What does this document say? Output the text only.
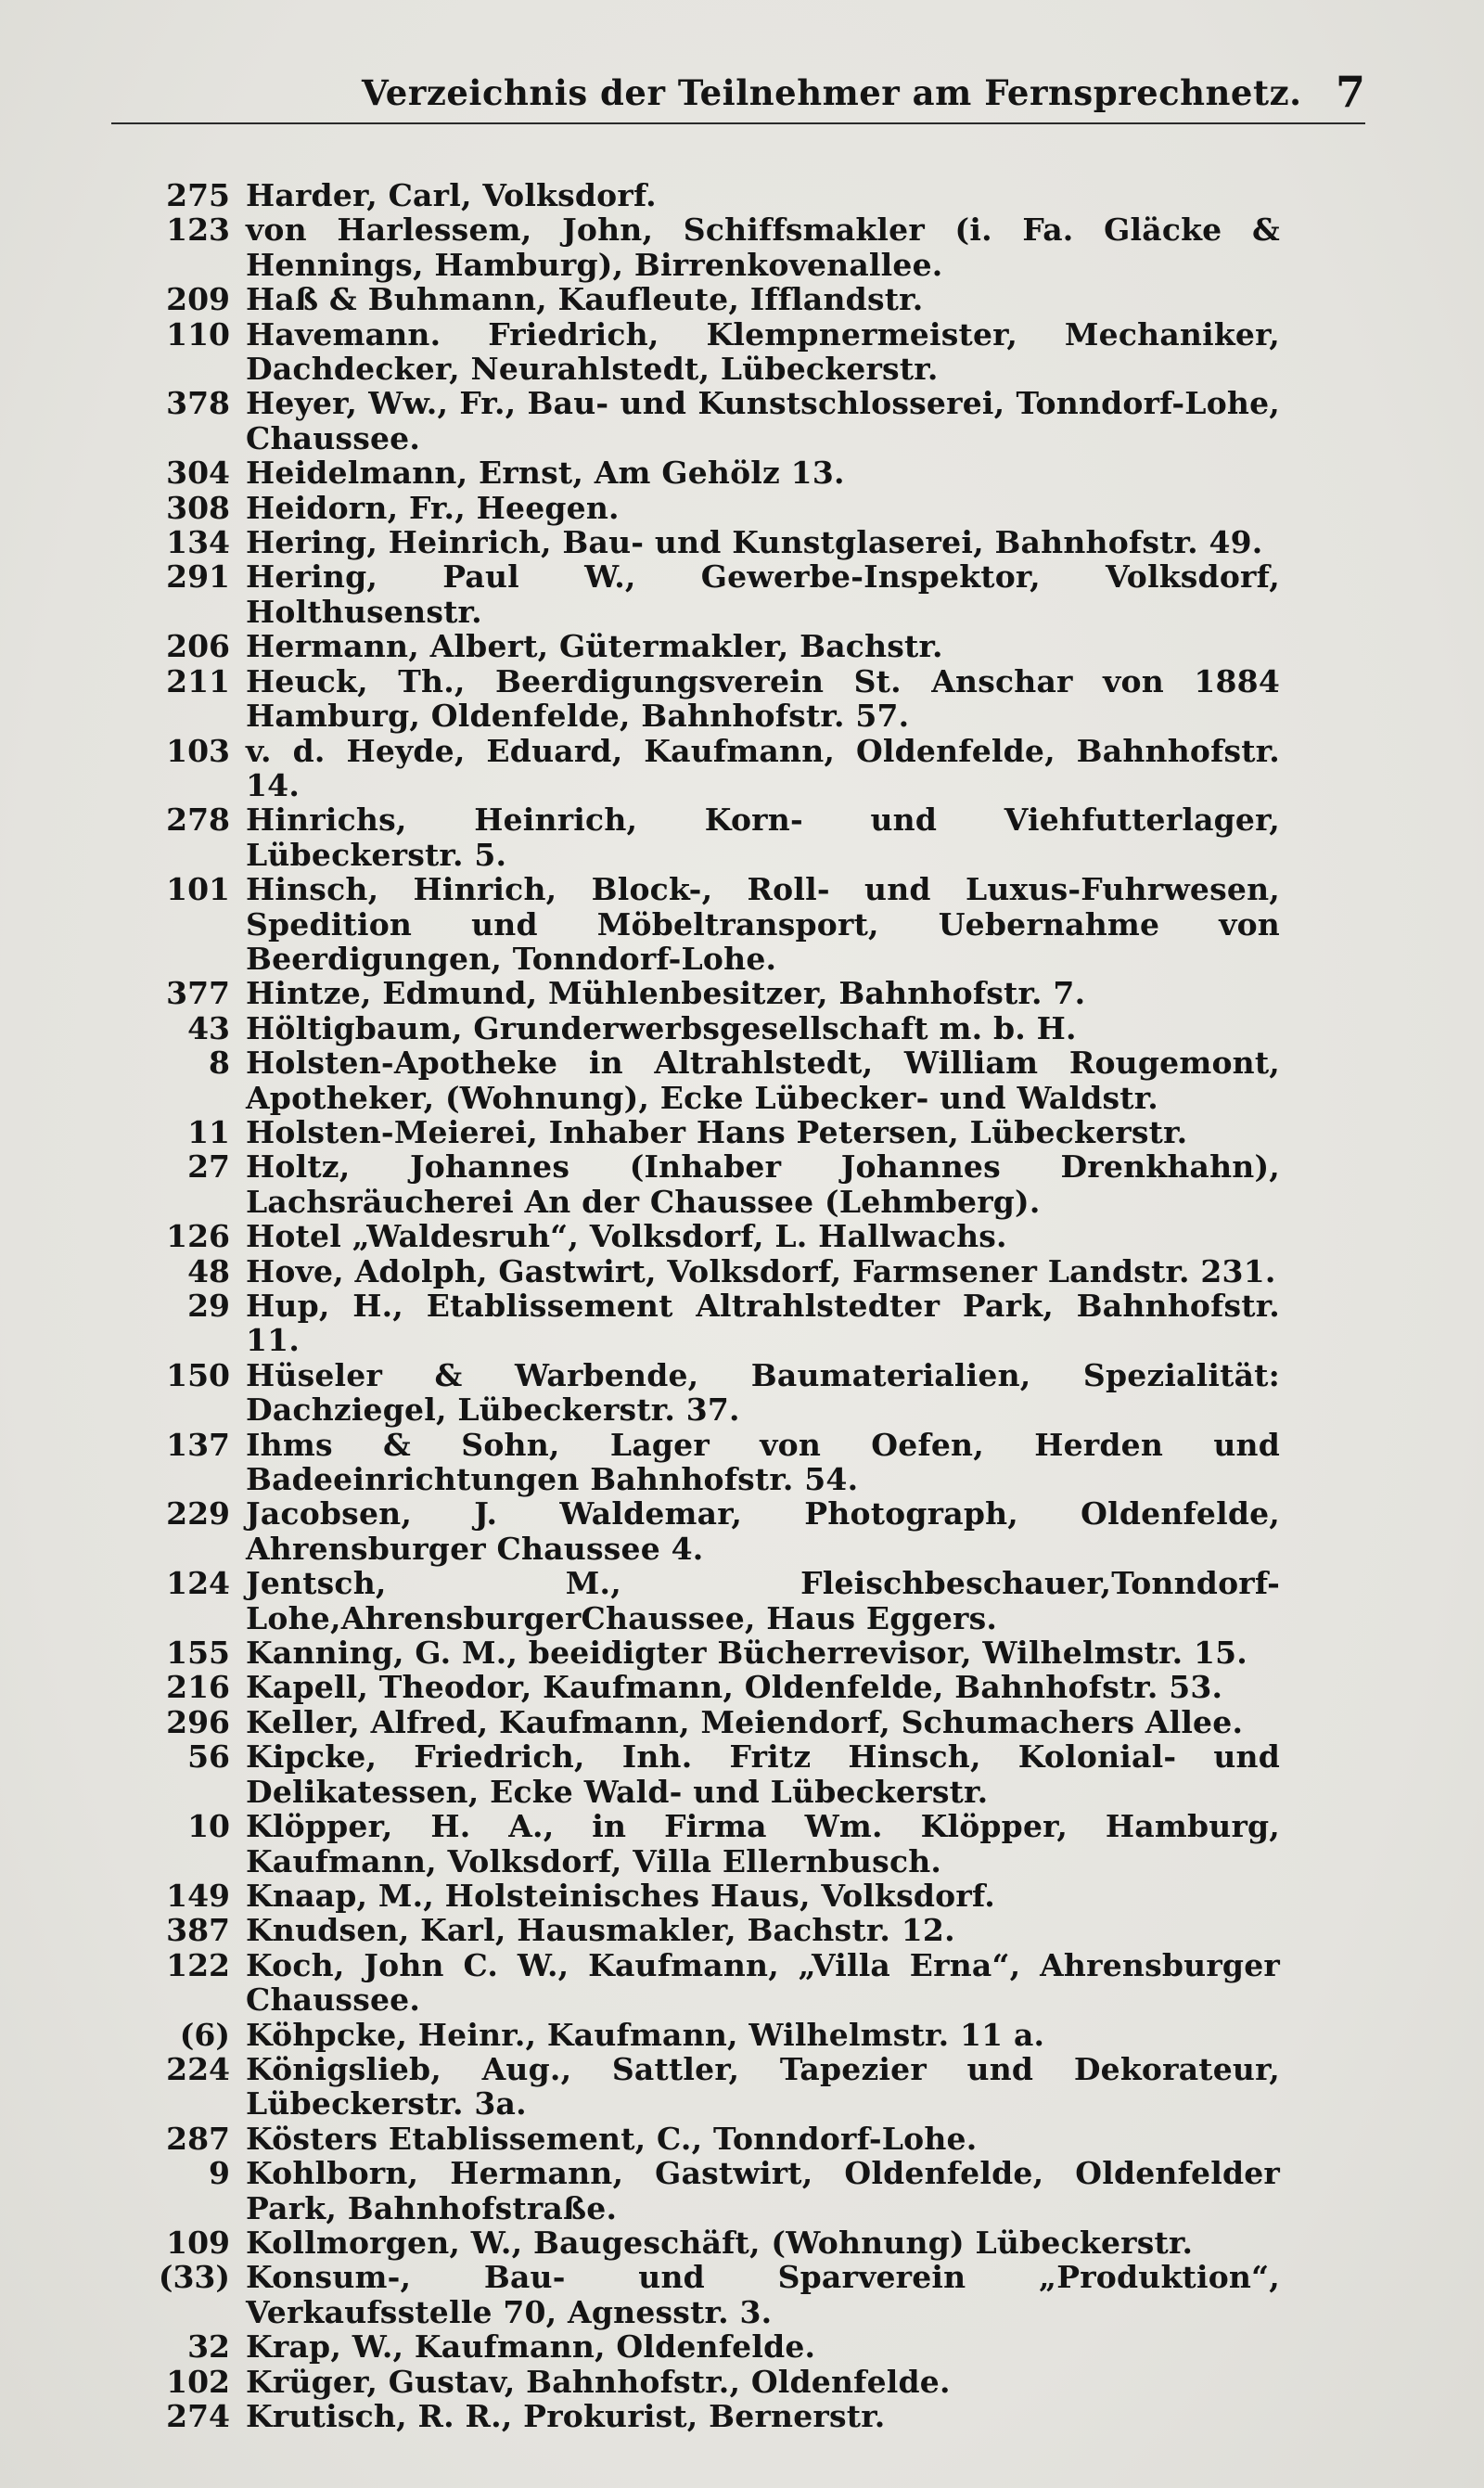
Verzeichnis der Teilnehmer am Fernsprechnetz. 7
275 Harder, Carl, Volksdorf.
123 von Harlessem, John, Schiffsmakler (i. Fa. Gläcke & Hennings, Hamburg), Birrenkovenallee.
209 Haß & Buhmann, Kaufleute, Ifflandstr.
110 Havemann. Friedrich, Klempnermeister, Mechaniker, Dachdecker, Neurahlstedt, Lübeckerstr.
378 Heyer, Ww., Fr., Bau- und Kunstschlosserei, Tonndorf-Lohe, Chaussee.
304 Heidelmann, Ernst, Am Gehölz 13.
308 Heidorn, Fr., Heegen.
134 Hering, Heinrich, Bau- und Kunstglaserei, Bahnhofstr. 49.
291 Hering, Paul W., Gewerbe-Inspektor, Volksdorf, Holthusenstr.
206 Hermann, Albert, Gütermakler, Bachstr.
211 Heuck, Th., Beerdigungsverein St. Anschar von 1884 Hamburg, Oldenfelde, Bahnhofstr. 57.
103 v. d. Heyde, Eduard, Kaufmann, Oldenfelde, Bahnhofstr. 14.
278 Hinrichs, Heinrich, Korn- und Viehfutterlager, Lübeckerstr. 5.
101 Hinsch, Hinrich, Block-, Roll- und Luxus-Fuhrwesen, Spedition und Möbeltransport, Uebernahme von Beerdigungen, Tonndorf-Lohe.
377 Hintze, Edmund, Mühlenbesitzer, Bahnhofstr. 7.
43 Höltigbaum, Grunderwerbsgesellschaft m. b. H.
8 Holsten-Apotheke in Altrahlstedt, William Rougemont, Apotheker, (Wohnung), Ecke Lübecker- und Waldstr.
11 Holsten-Meierei, Inhaber Hans Petersen, Lübeckerstr.
27 Holtz, Johannes (Inhaber Johannes Drenkhahn), Lachsräucherei An der Chaussee (Lehmberg).
126 Hotel „Waldesruh“, Volksdorf, L. Hallwachs.
48 Hove, Adolph, Gastwirt, Volksdorf, Farmsener Landstr. 231.
29 Hup, H., Etablissement Altrahlstedter Park, Bahnhofstr. 11.
150 Hüseler & Warbende, Baumaterialien, Spezialität: Dachziegel, Lübeckerstr. 37.
137 Ihms & Sohn, Lager von Oefen, Herden und Badeeinrichtungen Bahnhofstr. 54.
229 Jacobsen, J. Waldemar, Photograph, Oldenfelde, Ahrensburger Chaussee 4.
124 Jentsch, M., Fleischbeschauer,Tonndorf-Lohe,AhrensburgerChaussee, Haus Eggers.
155 Kanning, G. M., beeidigter Bücherrevisor, Wilhelmstr. 15.
216 Kapell, Theodor, Kaufmann, Oldenfelde, Bahnhofstr. 53.
296 Keller, Alfred, Kaufmann, Meiendorf, Schumachers Allee.
56 Kipcke, Friedrich, Inh. Fritz Hinsch, Kolonial- und Delikatessen, Ecke Wald- und Lübeckerstr.
10 Klöpper, H. A., in Firma Wm. Klöpper, Hamburg, Kaufmann, Volksdorf, Villa Ellernbusch.
149 Knaap, M., Holsteinisches Haus, Volksdorf.
387 Knudsen, Karl, Hausmakler, Bachstr. 12.
122 Koch, John C. W., Kaufmann, „Villa Erna“, Ahrensburger Chaussee.
(6) Köhpcke, Heinr., Kaufmann, Wilhelmstr. 11 a.
224 Königslieb, Aug., Sattler, Tapezier und Dekorateur, Lübeckerstr. 3a.
287 Kösters Etablissement, C., Tonndorf-Lohe.
9 Kohlborn, Hermann, Gastwirt, Oldenfelde, Oldenfelder Park, Bahnhofstraße.
109 Kollmorgen, W., Baugeschäft, (Wohnung) Lübeckerstr.
(33) Konsum-, Bau- und Sparverein „Produktion“, Verkaufsstelle 70, Agnesstr. 3.
32 Krap, W., Kaufmann, Oldenfelde.
102 Krüger, Gustav, Bahnhofstr., Oldenfelde.
274 Krutisch, R. R., Prokurist, Bernerstr.
